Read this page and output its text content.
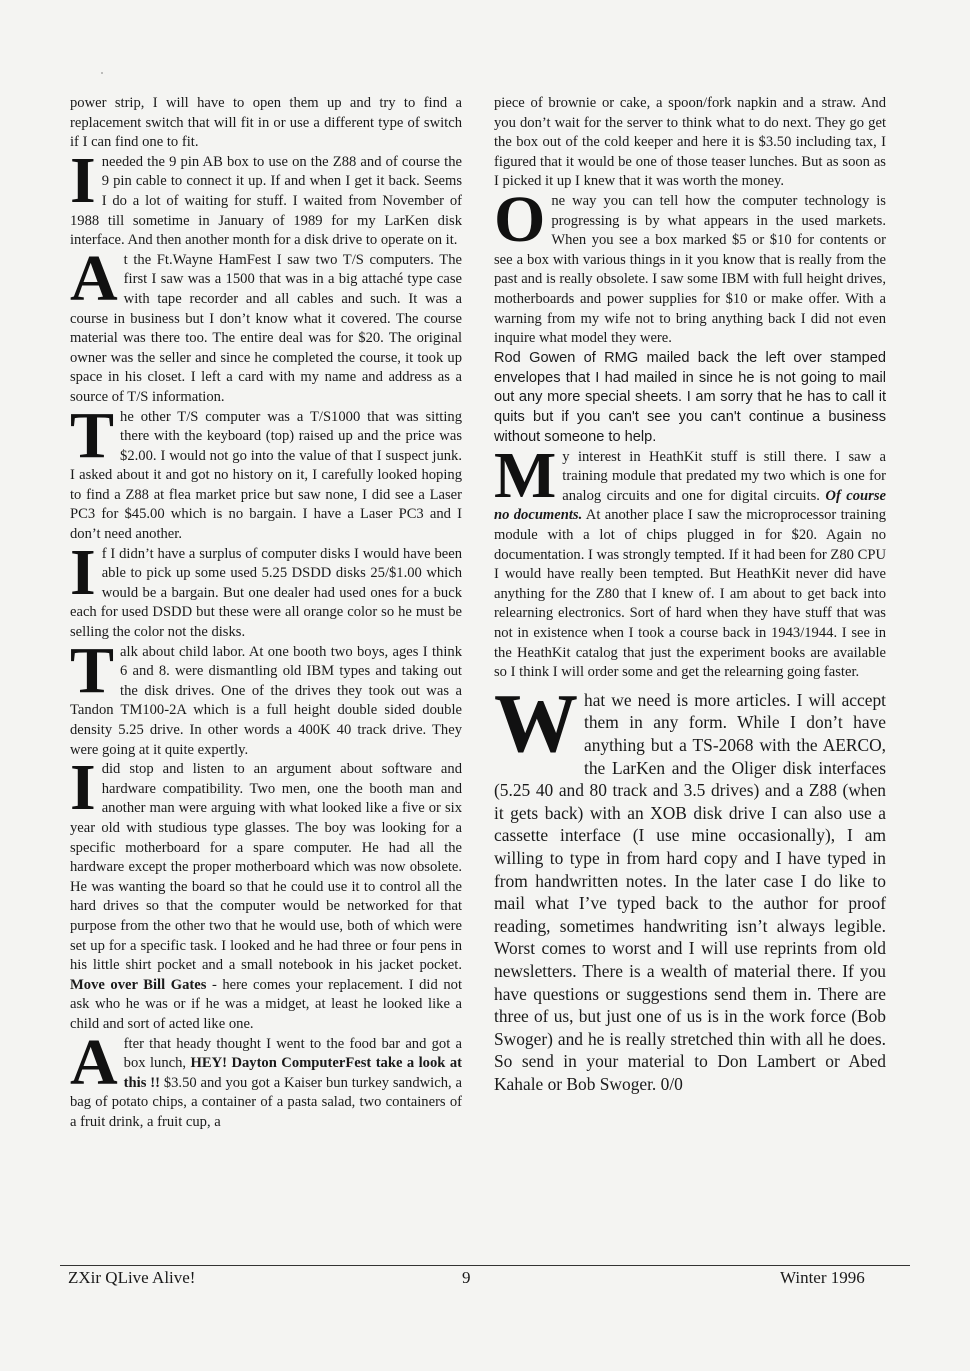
power strip, I will have to open them up and try to find a replacement switch that will fit in or use a different type of switch if I can find one to fit.

Ineeded the 9 pin AB box to use on the Z88 and of course the 9 pin cable to connect it up. If and when I get it back. Seems I do a lot of waiting for stuff. I waited from November of 1988 till sometime in January of 1989 for my LarKen disk interface. And then another month for a disk drive to operate on it.

At the Ft.Wayne HamFest I saw two T/S computers. The first I saw was a 1500 that was in a big attaché type case with tape recorder and all cables and such. It was a course in business but I don’t know what it covered. The course material was there too. The entire deal was for $20. The original owner was the seller and since he completed the course, it took up space in his closet. I left a card with my name and address as a source of T/S information.

The other T/S computer was a T/S1000 that was sitting there with the keyboard (top) raised up and the price was $2.00. I would not go into the value of that I suspect junk. I asked about it and got no history on it, I carefully looked hoping to find a Z88 at flea market price but saw none, I did see a Laser PC3 for $45.00 which is no bargain. I have a Laser PC3 and I don’t need another.

If I didn’t have a surplus of computer disks I would have been able to pick up some used 5.25 DSDD disks 25/$1.00 which would be a bargain. But one dealer had used ones for a buck each for used DSDD but these were all orange color so he must be selling the color not the disks.

Talk about child labor. At one booth two boys, ages I think 6 and 8. were dismantling old IBM types and taking out the disk drives. One of the drives they took out was a Tandon TM100-2A which is a full height double sided double density 5.25 drive. In other words a 400K 40 track drive. They were going at it quite expertly.

Idid stop and listen to an argument about software and hardware compatibility. Two men, one the booth man and another man were arguing with what looked like a five or six year old with studious type glasses. The boy was looking for a specific motherboard for a spare computer. He had all the hardware except the proper motherboard which was now obsolete. He was wanting the board so that he could use it to control all the hard drives so that the computer would be networked for that purpose from the other two that he would use, both of which were set up for a specific task. I looked and he had three or four pens in his little shirt pocket and a small notebook in his jacket pocket. Move over Bill Gates - here comes your replacement. I did not ask who he was or if he was a midget, at least he looked like a child and sort of acted like one.

After that heady thought I went to the food bar and got a box lunch, HEY! Dayton ComputerFest take a look at this !! $3.50 and you got a Kaiser bun turkey sandwich, a bag of potato chips, a container of a pasta salad, two containers of a fruit drink, a fruit cup, a

piece of brownie or cake, a spoon/fork napkin and a straw. And you don’t wait for the server to think what to do next. They go get the box out of the cold keeper and here it is $3.50 including tax, I figured that it would be one of those teaser lunches. But as soon as I picked it up I knew that it was worth the money.

One way you can tell how the computer technology is progressing is by what appears in the used markets. When you see a box marked $5 or $10 for contents or see a box with various things in it you know that is really from the past and is really obsolete. I saw some IBM with full height drives, motherboards and power supplies for $10 or make offer. With a warning from my wife not to bring anything back I did not even inquire what model they were.

Rod Gowen of RMG mailed back the left over stamped envelopes that I had mailed in since he is not going to mail out any more special sheets. I am sorry that he has to call it quits but if you can't see you can't continue a business without someone to help.

My interest in HeathKit stuff is still there. I saw a training module that predated my two which is one for analog circuits and one for digital circuits. Of course no documents. At another place I saw the microprocessor training module with a lot of chips plugged in for $20. Again no documentation. I was strongly tempted. If it had been for Z80 CPU I would have really been tempted. But HeathKit never did have anything for the Z80 that I knew of. I am about to get back into relearning electronics. Sort of hard when they have stuff that was not in existence when I took a course back in 1943/1944. I see in the HeathKit catalog that just the experiment books are available so I think I will order some and get the relearning going faster.

What we need is more articles. I will accept them in any form. While I don’t have anything but a TS-2068 with the AERCO, the LarKen and the Oliger disk interfaces (5.25 40 and 80 track and 3.5 drives) and a Z88 (when it gets back) with an XOB disk drive I can also use a cassette interface (I use mine occasionally), I am willing to type in from hard copy and I have typed in from handwritten notes. In the later case I do like to mail what I’ve typed back to the author for proof reading, sometimes handwriting isn’t always legible. Worst comes to worst and I will use reprints from old newsletters. There is a wealth of material there. If you have questions or suggestions send them in. There are three of us, but just one of us is in the work force (Bob Swoger) and he is really stretched thin with all he does. So send in your material to Don Lambert or Abed Kahale or Bob Swoger. 0/0

ZXir QLive Alive!	9	Winter 1996
